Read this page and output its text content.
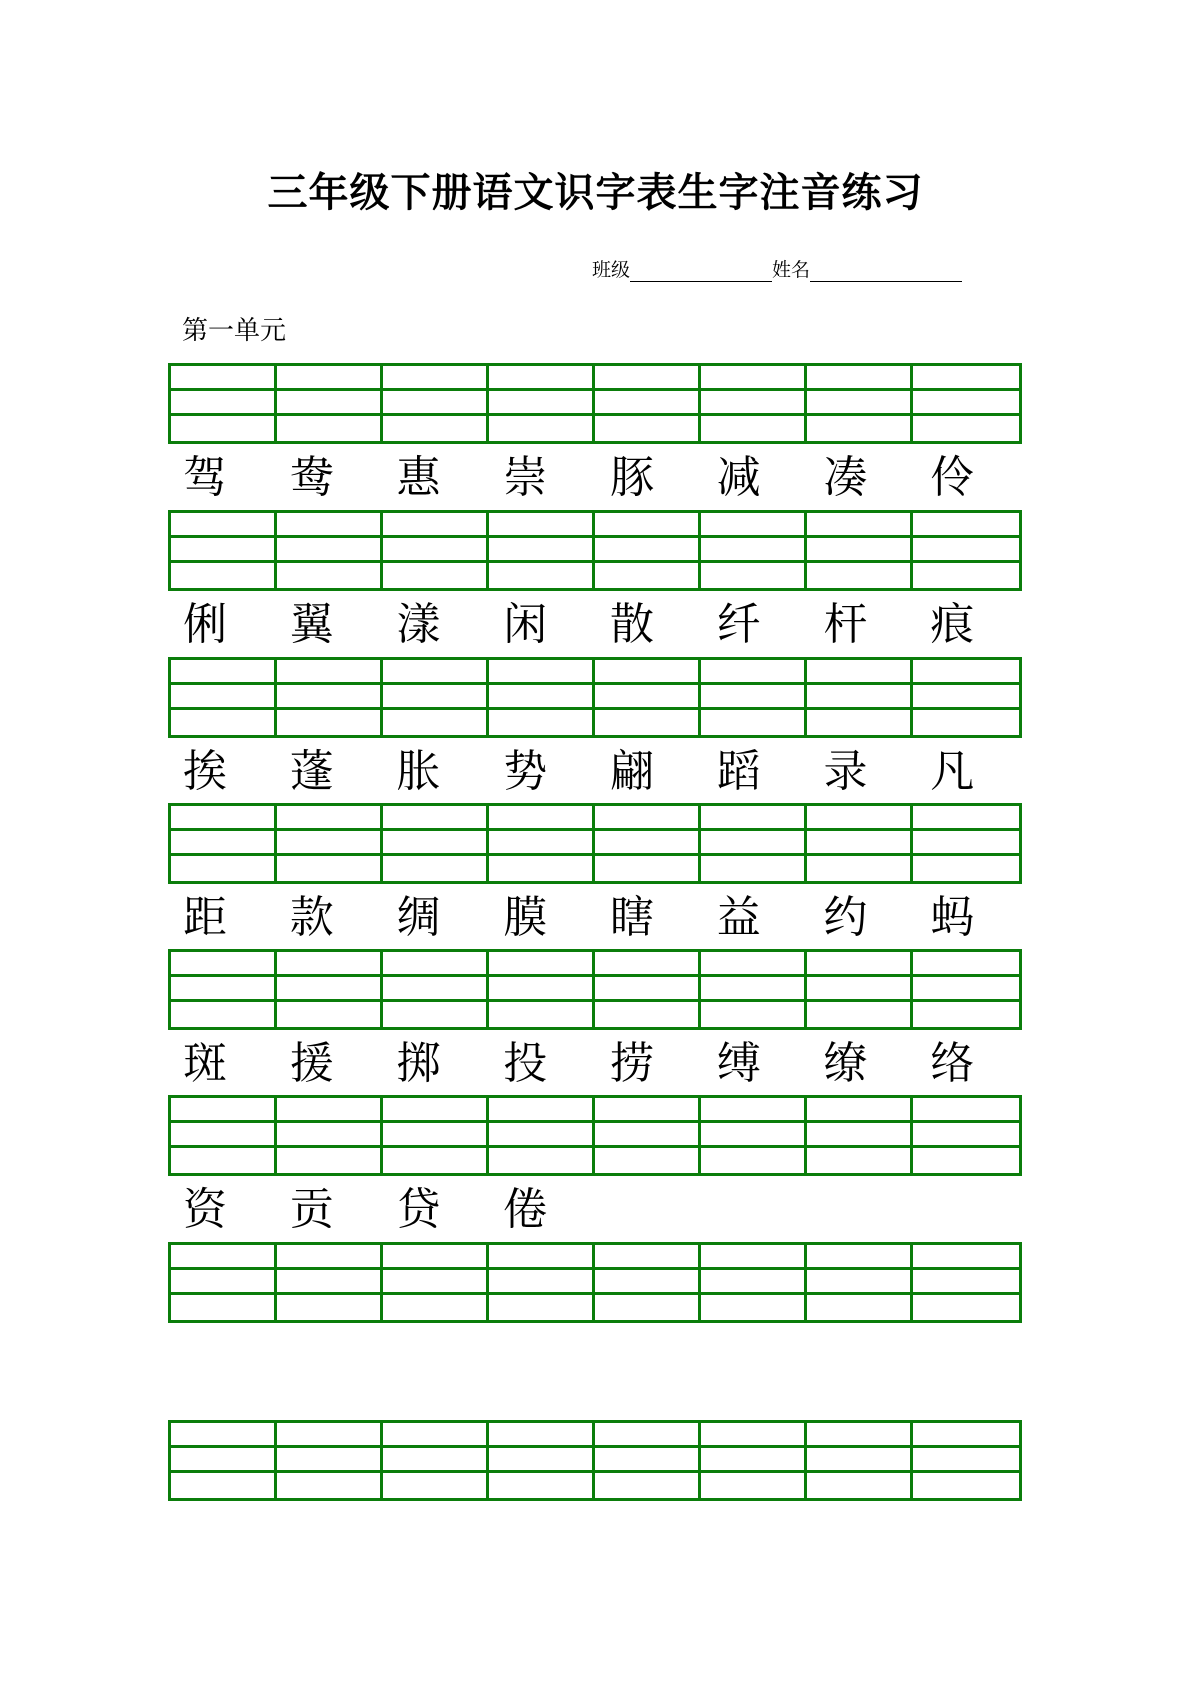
三年级下册语文识字表生字注音练习
班级	姓名
第一单元
驾	鸯	惠	崇	豚	减	凑	伶
俐	翼	漾	闲	散	纤	杆	痕
挨	蓬	胀	势	翩	蹈	录	凡
距	款	绸	膜	瞎	益	约	蚂
斑	援	掷	投	捞	缚	缭	络
资	贡	贷	倦
